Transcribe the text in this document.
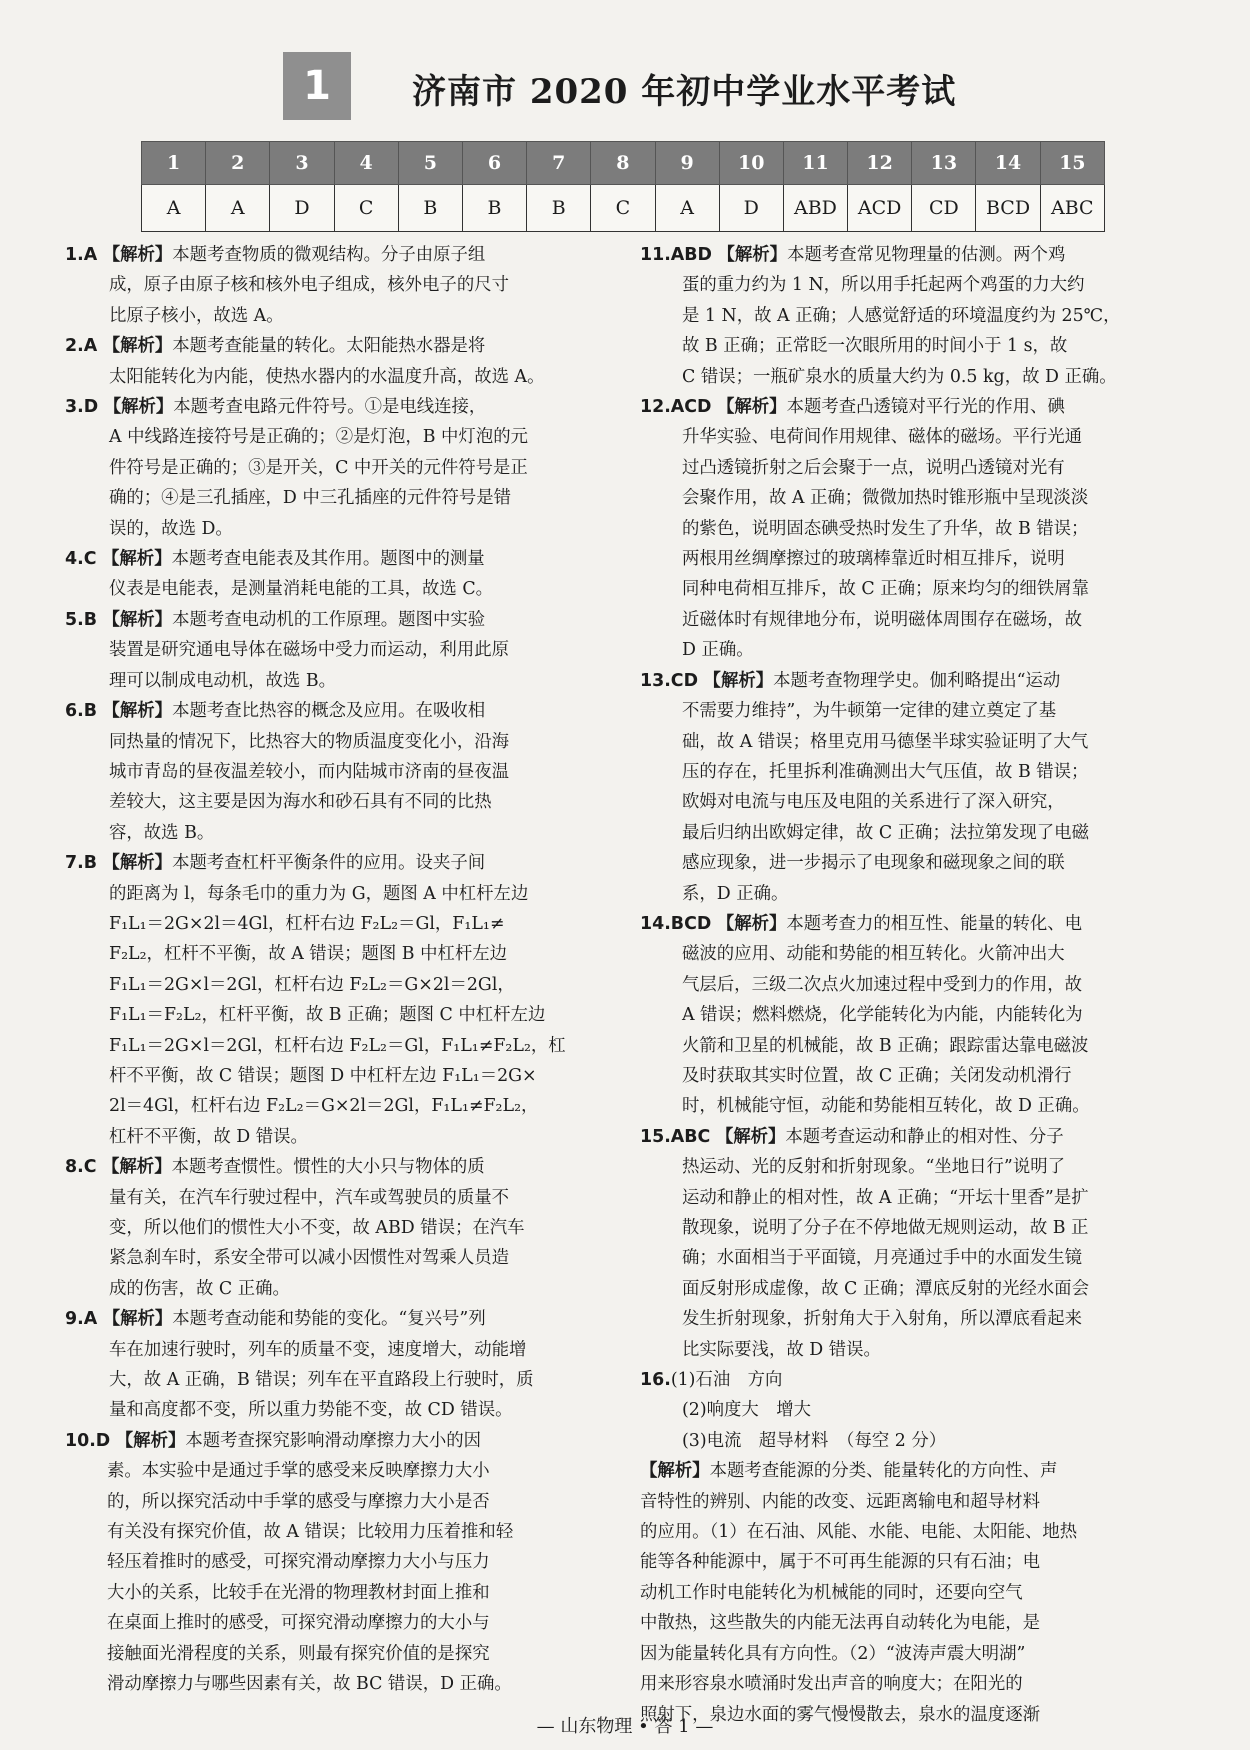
1	济南市 2020 年初中学业水平考试
1	2	3	4	5	6	7	8	9	10	11	12	13	14	15
A	A	D	C	B	B	B	C	A	D	ABD	ACD	CD	BCD	ABC
1.A 【解析】本题考查物质的微观结构。分子由原子组
成，原子由原子核和核外电子组成，核外电子的尺寸
比原子核小，故选 A。
2.A 【解析】本题考查能量的转化。太阳能热水器是将
太阳能转化为内能，使热水器内的水温度升高，故选 A。
3.D 【解析】本题考查电路元件符号。①是电线连接，
A 中线路连接符号是正确的；②是灯泡，B 中灯泡的元
件符号是正确的；③是开关，C 中开关的元件符号是正
确的；④是三孔插座，D 中三孔插座的元件符号是错
误的，故选 D。
4.C 【解析】本题考查电能表及其作用。题图中的测量
仪表是电能表，是测量消耗电能的工具，故选 C。
5.B 【解析】本题考查电动机的工作原理。题图中实验
装置是研究通电导体在磁场中受力而运动，利用此原
理可以制成电动机，故选 B。
6.B 【解析】本题考查比热容的概念及应用。在吸收相
同热量的情况下，比热容大的物质温度变化小，沿海
城市青岛的昼夜温差较小，而内陆城市济南的昼夜温
差较大，这主要是因为海水和砂石具有不同的比热
容，故选 B。
7.B 【解析】本题考查杠杆平衡条件的应用。设夹子间
的距离为 l，每条毛巾的重力为 G，题图 A 中杠杆左边
F₁L₁＝2G×2l＝4Gl，杠杆右边 F₂L₂＝Gl，F₁L₁≠
F₂L₂，杠杆不平衡，故 A 错误；题图 B 中杠杆左边
F₁L₁＝2G×l＝2Gl，杠杆右边 F₂L₂＝G×2l＝2Gl，
F₁L₁＝F₂L₂，杠杆平衡，故 B 正确；题图 C 中杠杆左边
F₁L₁＝2G×l＝2Gl，杠杆右边 F₂L₂＝Gl，F₁L₁≠F₂L₂，杠
杆不平衡，故 C 错误；题图 D 中杠杆左边 F₁L₁＝2G×
2l＝4Gl，杠杆右边 F₂L₂＝G×2l＝2Gl，F₁L₁≠F₂L₂，
杠杆不平衡，故 D 错误。
8.C 【解析】本题考查惯性。惯性的大小只与物体的质
量有关，在汽车行驶过程中，汽车或驾驶员的质量不
变，所以他们的惯性大小不变，故 ABD 错误；在汽车
紧急刹车时，系安全带可以减小因惯性对驾乘人员造
成的伤害，故 C 正确。
9.A 【解析】本题考查动能和势能的变化。“复兴号”列
车在加速行驶时，列车的质量不变，速度增大，动能增
大，故 A 正确，B 错误；列车在平直路段上行驶时，质
量和高度都不变，所以重力势能不变，故 CD 错误。
10.D 【解析】本题考查探究影响滑动摩擦力大小的因
素。本实验中是通过手掌的感受来反映摩擦力大小
的，所以探究活动中手掌的感受与摩擦力大小是否
有关没有探究价值，故 A 错误；比较用力压着推和轻
轻压着推时的感受，可探究滑动摩擦力大小与压力
大小的关系，比较手在光滑的物理教材封面上推和
在桌面上推时的感受，可探究滑动摩擦力的大小与
接触面光滑程度的关系，则最有探究价值的是探究
滑动摩擦力与哪些因素有关，故 BC 错误，D 正确。
11.ABD 【解析】本题考查常见物理量的估测。两个鸡
蛋的重力约为 1 N，所以用手托起两个鸡蛋的力大约
是 1 N，故 A 正确；人感觉舒适的环境温度约为 25℃，
故 B 正确；正常眨一次眼所用的时间小于 1 s，故
C 错误；一瓶矿泉水的质量大约为 0.5 kg，故 D 正确。
12.ACD 【解析】本题考查凸透镜对平行光的作用、碘
升华实验、电荷间作用规律、磁体的磁场。平行光通
过凸透镜折射之后会聚于一点，说明凸透镜对光有
会聚作用，故 A 正确；微微加热时锥形瓶中呈现淡淡
的紫色，说明固态碘受热时发生了升华，故 B 错误；
两根用丝绸摩擦过的玻璃棒靠近时相互排斥，说明
同种电荷相互排斥，故 C 正确；原来均匀的细铁屑靠
近磁体时有规律地分布，说明磁体周围存在磁场，故
D 正确。
13.CD 【解析】本题考查物理学史。伽利略提出“运动
不需要力维持”，为牛顿第一定律的建立奠定了基
础，故 A 错误；格里克用马德堡半球实验证明了大气
压的存在，托里拆利准确测出大气压值，故 B 错误；
欧姆对电流与电压及电阻的关系进行了深入研究，
最后归纳出欧姆定律，故 C 正确；法拉第发现了电磁
感应现象，进一步揭示了电现象和磁现象之间的联
系，D 正确。
14.BCD 【解析】本题考查力的相互性、能量的转化、电
磁波的应用、动能和势能的相互转化。火箭冲出大
气层后，三级二次点火加速过程中受到力的作用，故
A 错误；燃料燃烧，化学能转化为内能，内能转化为
火箭和卫星的机械能，故 B 正确；跟踪雷达靠电磁波
及时获取其实时位置，故 C 正确；关闭发动机滑行
时，机械能守恒，动能和势能相互转化，故 D 正确。
15.ABC 【解析】本题考查运动和静止的相对性、分子
热运动、光的反射和折射现象。“坐地日行”说明了
运动和静止的相对性，故 A 正确；“开坛十里香”是扩
散现象，说明了分子在不停地做无规则运动，故 B 正
确；水面相当于平面镜，月亮通过手中的水面发生镜
面反射形成虚像，故 C 正确；潭底反射的光经水面会
发生折射现象，折射角大于入射角，所以潭底看起来
比实际要浅，故 D 错误。
16.(1)石油　方向
(2)响度大　增大
(3)电流　超导材料　（每空 2 分）
【解析】本题考查能源的分类、能量转化的方向性、声
音特性的辨别、内能的改变、远距离输电和超导材料
的应用。（1）在石油、风能、水能、电能、太阳能、地热
能等各种能源中，属于不可再生能源的只有石油；电
动机工作时电能转化为机械能的同时，还要向空气
中散热，这些散失的内能无法再自动转化为电能，是
因为能量转化具有方向性。（2）“波涛声震大明湖”
用来形容泉水喷涌时发出声音的响度大；在阳光的
照射下，泉边水面的雾气慢慢散去，泉水的温度逐渐
— 山东物理 • 答 1 —
